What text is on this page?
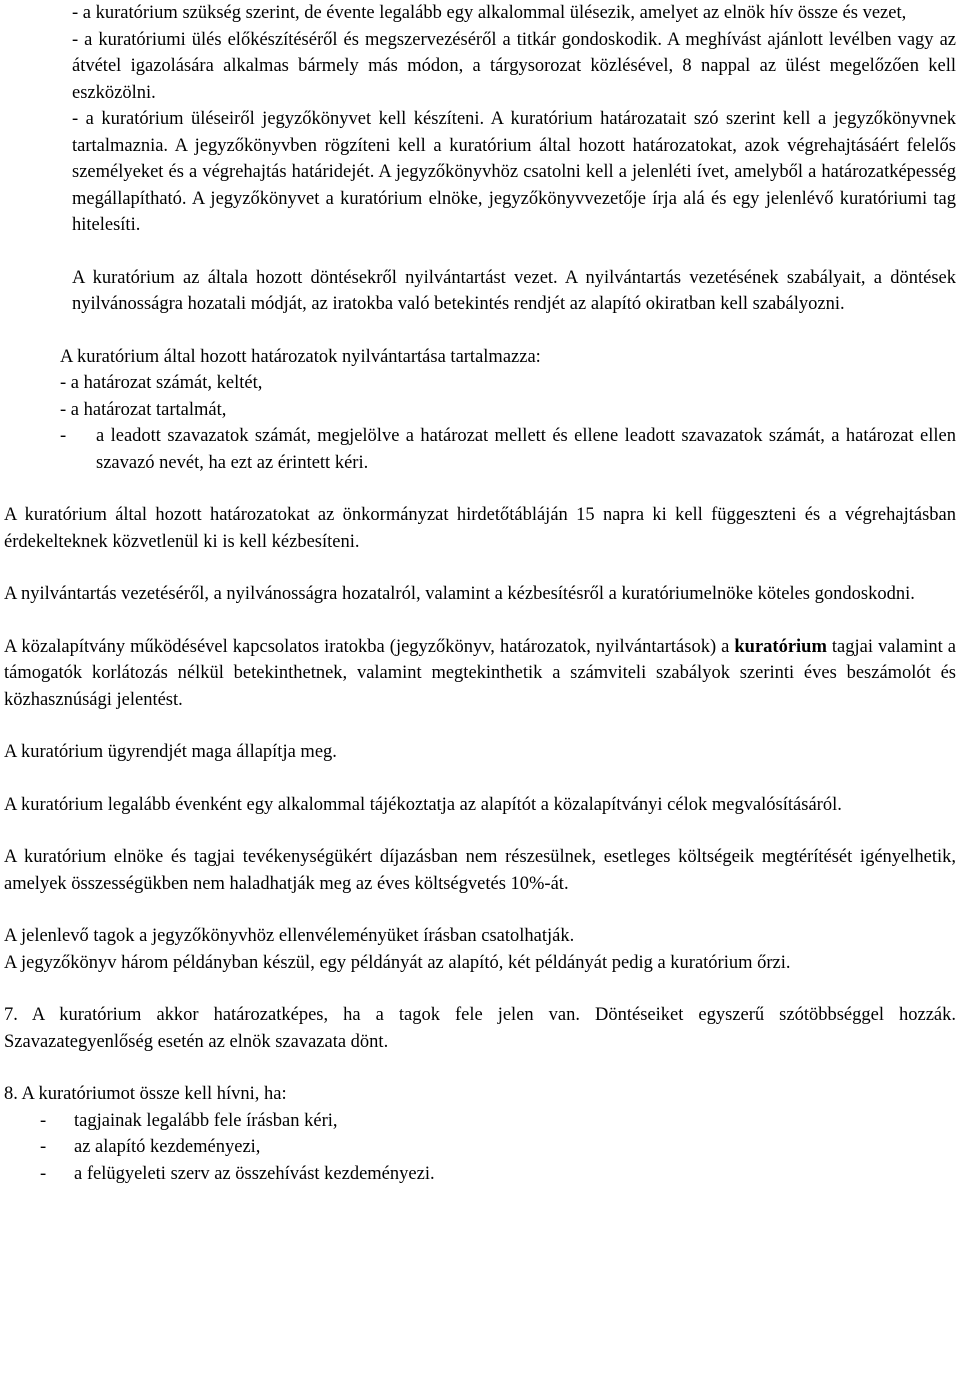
- a kuratórium szükség szerint, de évente legalább egy alkalommal ülésezik, amelyet az elnök hív össze és vezet,

- a kuratóriumi ülés előkészítéséről és megszervezéséről a titkár gondoskodik. A meghívást ajánlott levélben vagy az átvétel igazolására alkalmas bármely más módon, a tárgysorozat közlésével, 8 nappal az ülést megelőzően kell eszközölni.

- a kuratórium üléseiről jegyzőkönyvet kell készíteni. A kuratórium határozatait szó szerint kell a jegyzőkönyvnek tartalmaznia. A jegyzőkönyvben rögzíteni kell a kuratórium által hozott határozatokat, azok végrehajtásáért felelős személyeket és a végrehajtás határidejét. A jegyzőkönyvhöz csatolni kell a jelenléti ívet, amelyből a határozatképesség megállapítható. A jegyzőkönyvet a kuratórium elnöke, jegyzőkönyvvezetője írja alá és egy jelenlévő kuratóriumi tag hitelesíti.

A kuratórium az általa hozott döntésekről nyilvántartást vezet. A nyilvántartás vezetésének szabályait, a döntések nyilvánosságra hozatali módját, az iratokba való betekintés rendjét az alapító okiratban kell szabályozni.

A kuratórium által hozott határozatok nyilvántartása tartalmazza:

- a határozat számát, keltét,

- a határozat tartalmát,

-	a leadott szavazatok számát, megjelölve a határozat mellett és ellene leadott szavazatok számát, a határozat ellen szavazó nevét, ha ezt az érintett kéri.

A kuratórium által hozott határozatokat az önkormányzat hirdetőtábláján 15 napra ki kell függeszteni és a végrehajtásban érdekelteknek közvetlenül ki is kell kézbesíteni.

A nyilvántartás vezetéséről, a nyilvánosságra hozatalról, valamint a kézbesítésről a kuratóriumelnöke köteles gondoskodni.

A közalapítvány működésével kapcsolatos iratokba (jegyzőkönyv, határozatok, nyilvántartások) a kuratórium tagjai valamint a támogatók korlátozás nélkül betekinthetnek, valamint megtekinthetik a számviteli szabályok szerinti éves beszámolót és közhasznúsági jelentést.

A kuratórium ügyrendjét maga állapítja meg.

A kuratórium legalább évenként egy alkalommal tájékoztatja az alapítót a közalapítványi célok megvalósításáról.

A kuratórium elnöke és tagjai tevékenységükért díjazásban nem részesülnek, esetleges költségeik megtérítését igényelhetik, amelyek összességükben nem haladhatják meg az éves költségvetés 10%-át.

A jelenlevő tagok a jegyzőkönyvhöz ellenvéleményüket írásban csatolhatják.

A jegyzőkönyv három példányban készül, egy példányát az alapító, két példányát pedig a kuratórium őrzi.

7. A kuratórium akkor határozatképes, ha a tagok fele jelen van. Döntéseiket egyszerű szótöbbséggel hozzák. Szavazategyenlőség esetén az elnök szavazata dönt.

8. A kuratóriumot össze kell hívni, ha:

-	tagjainak legalább fele írásban kéri,
-	az alapító kezdeményezi,
-	a felügyeleti szerv az összehívást kezdeményezi.
